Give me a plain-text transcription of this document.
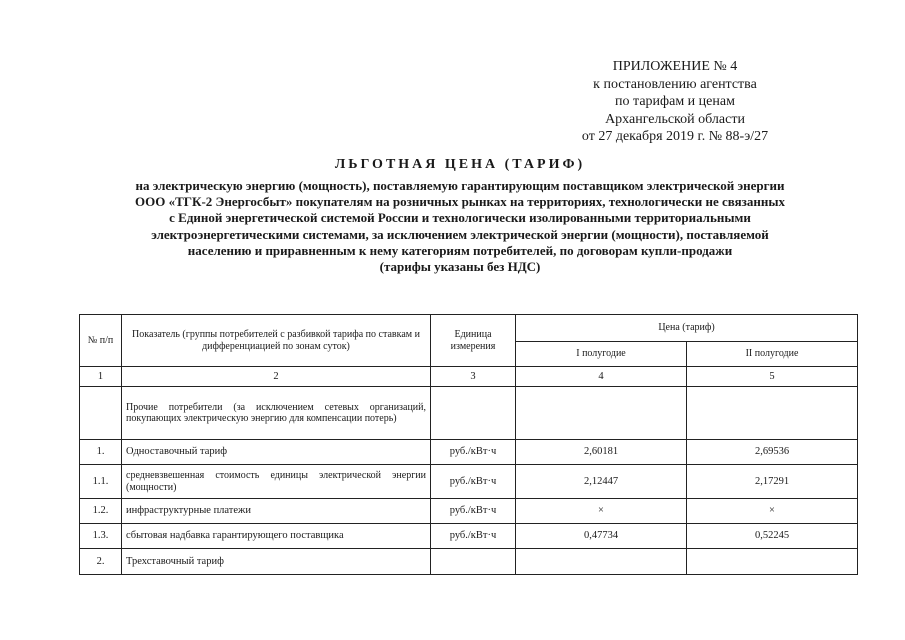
ПРИЛОЖЕНИЕ № 4
к постановлению агентства
по тарифам и ценам
Архангельской области
от 27 декабря 2019 г. № 88-э/27
ЛЬГОТНАЯ ЦЕНА (ТАРИФ)
на электрическую энергию (мощность), поставляемую гарантирующим поставщиком электрической энергии
ООО «ТГК-2 Энергосбыт» покупателям на розничных рынках на территориях, технологически не связанных
с Единой энергетической системой России и технологически изолированными территориальными
электроэнергетическими системами, за исключением электрической энергии (мощности), поставляемой
населению и приравненным к нему категориям потребителей, по договорам купли-продажи
(тарифы указаны без НДС)
№ п/п	Показатель (группы потребителей с разбивкой тарифа по ставкам и дифференциацией по зонам суток)	Единица измерения	Цена (тариф)	
			I полугодие	II полугодие
1	2	3	4	5
	Прочие потребители (за исключением сетевых организаций, покупающих электрическую энергию для компенсации потерь)			
1.	Одноставочный тариф	руб./кВт·ч	2,60181	2,69536
1.1.	средневзвешенная стоимость единицы электрической энергии (мощности)	руб./кВт·ч	2,12447	2,17291
1.2.	инфраструктурные платежи	руб./кВт·ч	×	×
1.3.	сбытовая надбавка гарантирующего поставщика	руб./кВт·ч	0,47734	0,52245
2.	Трехставочный тариф			
